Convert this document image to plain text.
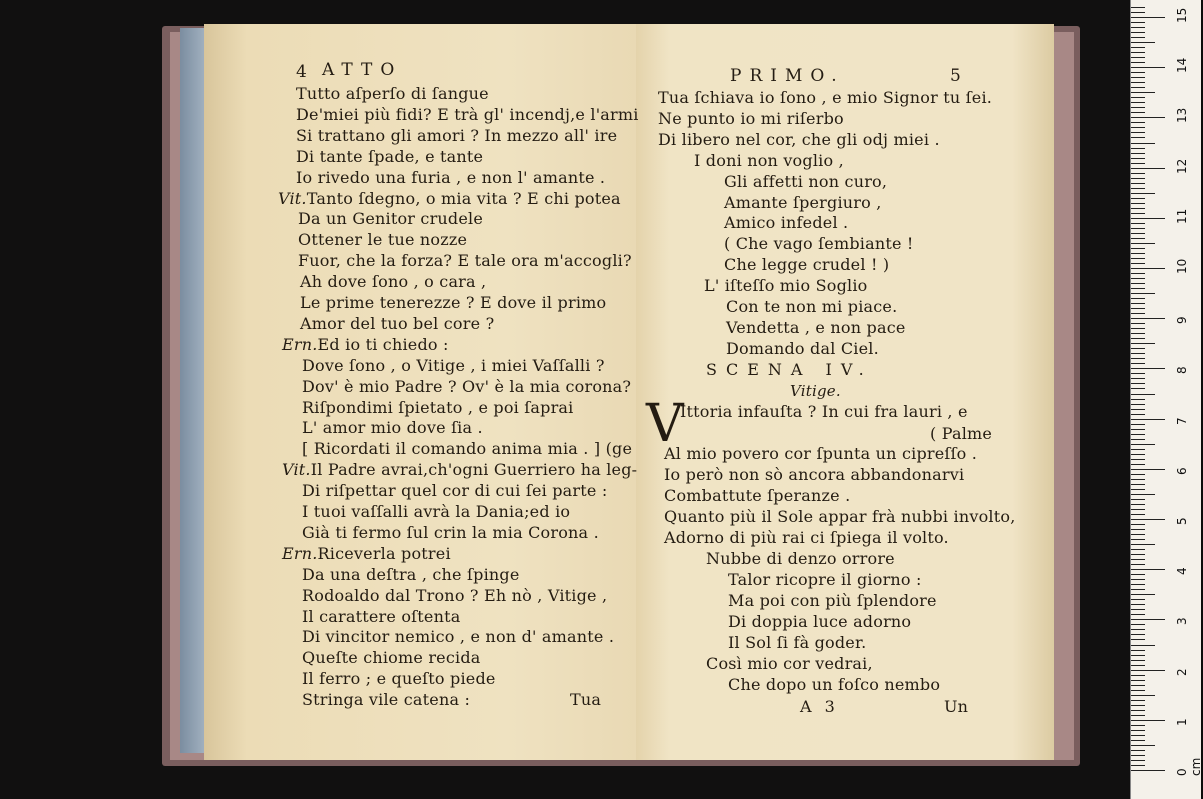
0 cm
1
2
3
4
5
6
7
8
9
10
11
12
13
14
15
4 ATTO
Tutto aſperſo di ſangue
De'miei più fidi? E trà gl' incendj,e l'armi
Si trattano gli amori ? In mezzo all' ire
Di tante ſpade, e tante
Io rivedo una furia , e non l' amante .
Vit.Tanto ſdegno, o mia vita ? E chi potea
Da un Genitor crudele
Ottener le tue nozze
Fuor, che la forza? E tale ora m'accogli?
Ah dove ſono , o cara ,
Le prime tenerezze ? E dove il primo
Amor del tuo bel core ?
Ern.Ed io ti chiedo :
Dove ſono , o Vitige , i miei Vaſſalli ?
Dov' è mio Padre ? Ov' è la mia corona?
Riſpondimi ſpietato , e poi ſaprai
L' amor mio dove ſia .
[ Ricordati il comando anima mia . ] (ge
Vit.Il Padre avrai,ch'ogni Guerriero ha leg-
Di riſpettar quel cor di cui ſei parte :
I tuoi vaſſalli avrà la Dania;ed io
Già ti fermo ſul crin la mia Corona .
Ern.Riceverla potrei
Da una deſtra , che ſpinge
Rodoaldo dal Trono ? Eh nò , Vitige ,
Il carattere oſtenta
Di vincitor nemico , e non d' amante .
Queſte chiome recida
Il ferro ; e queſto piede
Stringa vile catena :	Tua
PRIMO.	5
Tua ſchiava io ſono , e mio Signor tu ſei.
Ne punto io mi riſerbo
Di libero nel cor, che gli odj miei .
I doni non voglio ,
Gli affetti non curo,
Amante ſpergiuro ,
Amico infedel .
( Che vago ſembiante !
Che legge crudel ! )
L' iſteſſo mio Soglio
Con te non mi piace.
Vendetta , e non pace
Domando dal Ciel.
SCENA IV.
Vitige.
V
Ittoria infauſta ? In cui fra lauri , e
( Palme
Al mio povero cor ſpunta un cipreſſo .
Io però non sò ancora abbandonarvi
Combattute ſperanze .
Quanto più il Sole appar frà nubbi involto,
Adorno di più rai ci ſpiega il volto.
Nubbe di denzo orrore
Talor ricopre il giorno :
Ma poi con più ſplendore
Di doppia luce adorno
Il Sol ſi fà goder.
Così mio cor vedrai,
Che dopo un foſco nembo
A 3	Un
